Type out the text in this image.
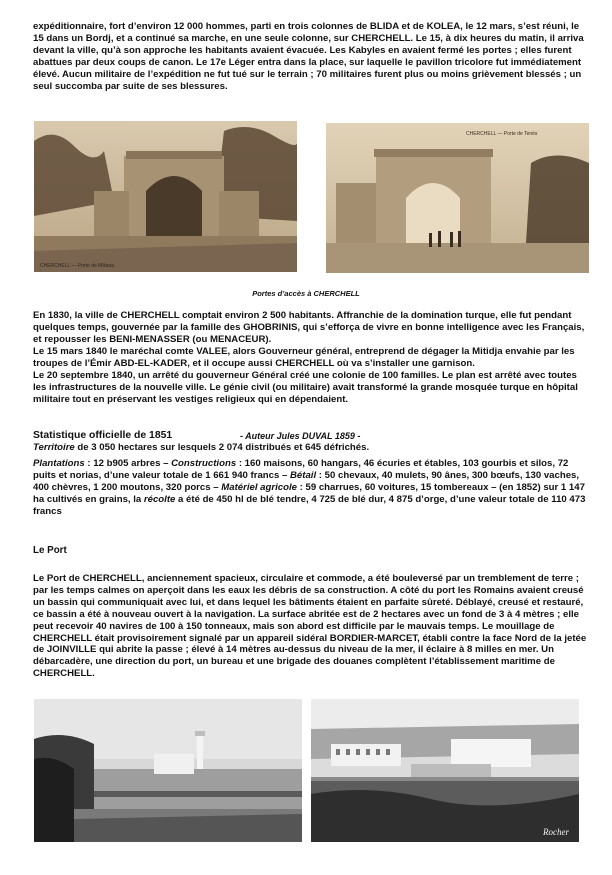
expéditionnaire, fort d’environ 12 000 hommes, parti en trois colonnes de BLIDA et de KOLEA, le 12 mars, s’est réuni, le 15 dans un Bordj, et a continué sa marche, en une seule colonne, sur CHERCHELL. Le 15, à dix heures du matin, il arriva devant la ville, qu’à son approche les habitants avaient évacuée. Les Kabyles en avaient fermé les portes ; elles furent abattues par deux coups de canon. Le 17e Léger entra dans la place, sur laquelle le pavillon tricolore fut immédiatement élevé. Aucun militaire de l’expédition ne fut tué sur le terrain ; 70 militaires furent plus ou moins grièvement blessés ; un seul succomba par suite de ses blessures.

CHERCHELL — Porte de Miliana
CHERCHELL — Porte de Tenès
Portes d’accès à CHERCHELL

En 1830, la ville de CHERCHELL comptait environ 2 500 habitants. Affranchie de la domination turque, elle fut pendant quelques temps, gouvernée par la famille des GHOBRINIS, qui s’efforça de vivre en bonne intelligence avec les Français, et repousser les BENI-MENASSER (ou MENACEUR).

Le 15 mars 1840 le maréchal comte VALEE, alors Gouverneur général, entreprend de dégager la Mitidja envahie par les troupes de l’Émir ABD-EL-KADER, et il occupe aussi CHERCHELL où va s’installer une garnison.

Le 20 septembre 1840, un arrêté du gouverneur Général créé une colonie de 100 familles. Le plan est arrêté avec toutes les infrastructures de la nouvelle ville. Le génie civil (ou militaire) avait transformé la grande mosquée turque en hôpital militaire tout en préservant les vestiges religieux qui en dépendaient.

Statistique officielle de 1851	- Auteur Jules DUVAL 1859 -

Territoire de 3 050 hectares sur lesquels 2 074 distribués et 645 défrichés.

Plantations : 12 b905 arbres – Constructions : 160 maisons, 60 hangars, 46 écuries et étables, 103 gourbis et silos, 72 puits et norias, d’une valeur totale de 1 661 940 francs – Bétail : 50 chevaux, 40 mulets, 90 ânes, 300 bœufs, 130 vaches, 400 chèvres, 1 200 moutons, 320 porcs – Matériel agricole : 59 charrues, 60 voitures, 15 tombereaux – (en 1852) sur 1 147 ha cultivés en grains, la récolte a été de 450 hl de blé tendre, 4 725 de blé dur, 4 875 d’orge, d’une valeur totale de 110 473 francs

Le Port

Le Port de CHERCHELL, anciennement spacieux, circulaire et commode, a été bouleversé par un tremblement de terre ; par les temps calmes on aperçoit dans les eaux les débris de sa construction. A côté du port les Romains avaient creusé un bassin qui communiquait avec lui, et dans lequel les bâtiments étaient en parfaite sûreté. Déblayé, creusé et restauré, ce bassin a été à nouveau ouvert à la navigation. La surface abritée est de 2 hectares avec un fond de 3 à 4 mètres ; elle peut recevoir 40 navires de 100 à 150 tonneaux, mais son abord est difficile par le mauvais temps. Le mouillage de CHERCHELL était provisoirement signalé par un appareil sidéral BORDIER-MARCET, établi contre la face Nord de la jetée de JOINVILLE qui abrite la passe ; élevé à 14 mètres au-dessus du niveau de la mer, il éclaire à 8 milles en mer. Un débarcadère, une direction du port, un bureau et une brigade des douanes complètent l’établissement maritime de CHERCHELL.

Rocher
